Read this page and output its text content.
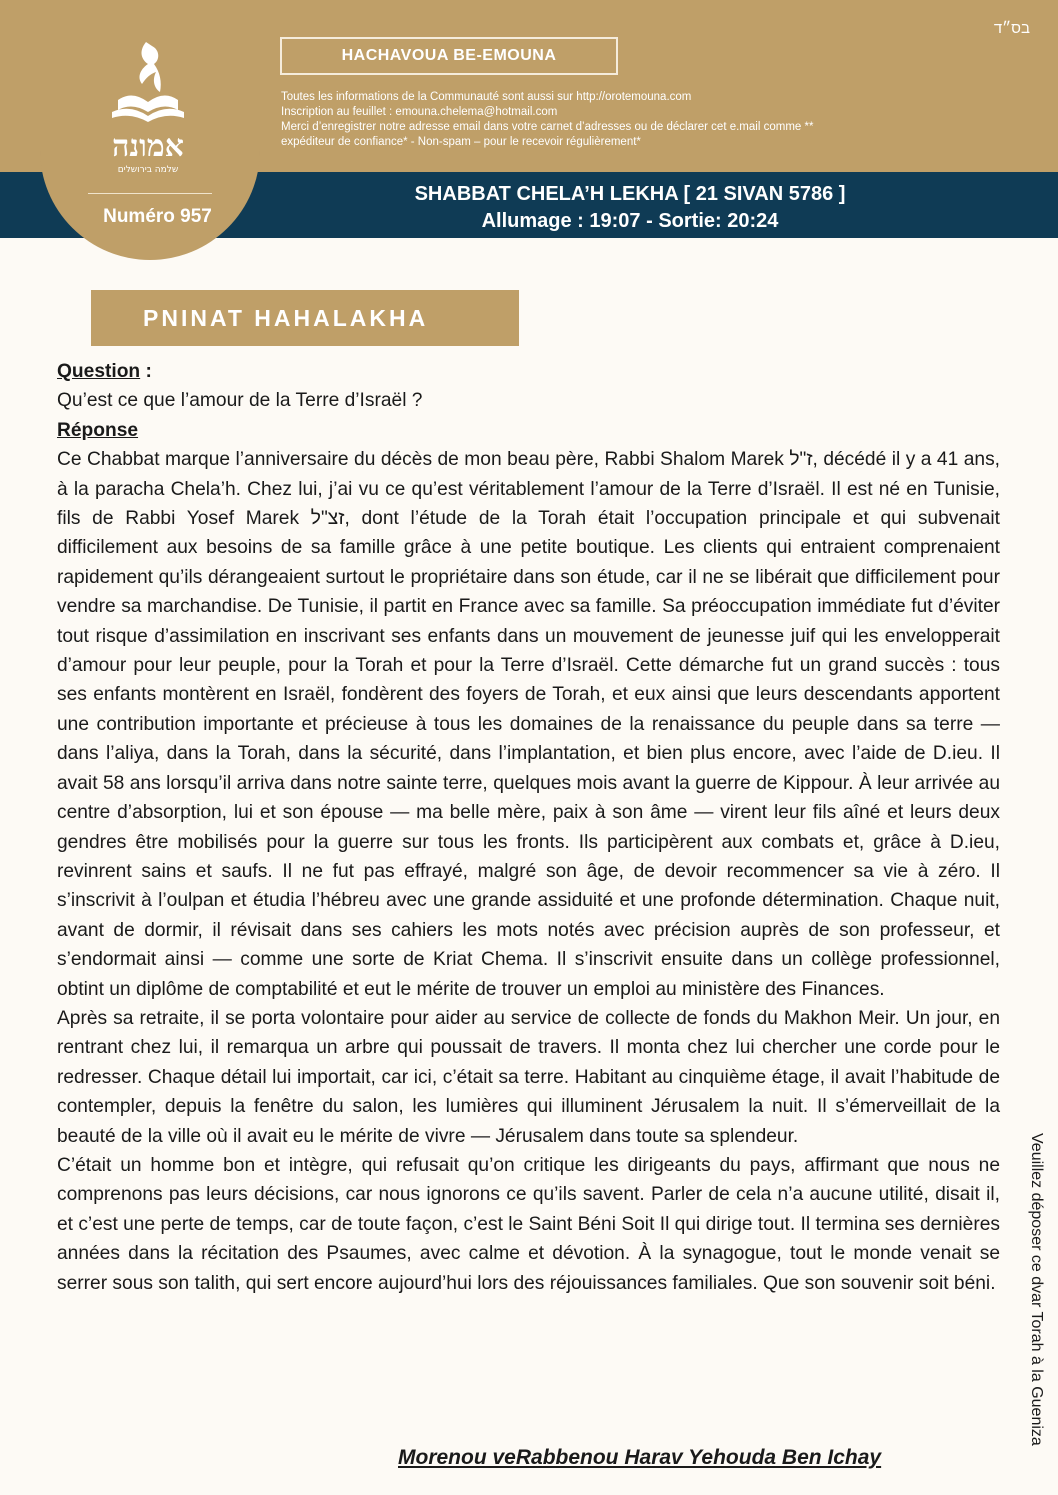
בס״ד
אמונה
שלמה בירושלים
Numéro 957
HACHAVOUA BE-EMOUNA
Toutes les informations de la Communauté sont aussi sur http://orotemouna.com
Inscription au feuillet : emouna.chelema@hotmail.com
Merci d’enregistrer notre adresse email dans votre carnet d’adresses ou de déclarer cet e.mail comme **
expéditeur de confiance* - Non-spam – pour le recevoir régulièrement*
SHABBAT CHELA’H LEKHA [ 21 SIVAN 5786 ]
Allumage : 19:07 - Sortie: 20:24
PNINAT HAHALAKHA
Question :
Qu’est ce que l’amour de la Terre d’Israël ?
Réponse

Ce Chabbat marque l’anniversaire du décès de mon beau père, Rabbi Shalom Marek ז"ל, décédé il y a 41 ans, à la paracha Chela’h. Chez lui, j’ai vu ce qu’est véritablement l’amour de la Terre d’Israël. Il est né en Tunisie, fils de Rabbi Yosef Marek זצ"ל, dont l’étude de la Torah était l’occupation principale et qui subvenait difficilement aux besoins de sa famille grâce à une petite boutique. Les clients qui entraient comprenaient rapidement qu’ils dérangeaient surtout le propriétaire dans son étude, car il ne se libérait que difficilement pour vendre sa marchandise. De Tunisie, il partit en France avec sa famille. Sa préoccupation immédiate fut d’éviter tout risque d’assimilation en inscrivant ses enfants dans un mouvement de jeunesse juif qui les envelopperait d’amour pour leur peuple, pour la Torah et pour la Terre d’Israël. Cette démarche fut un grand succès : tous ses enfants montèrent en Israël, fondèrent des foyers de Torah, et eux ainsi que leurs descendants apportent une contribution importante et précieuse à tous les domaines de la renaissance du peuple dans sa terre — dans l’aliya, dans la Torah, dans la sécurité, dans l’implantation, et bien plus encore, avec l’aide de D.ieu. Il avait 58 ans lorsqu’il arriva dans notre sainte terre, quelques mois avant la guerre de Kippour. À leur arrivée au centre d’absorption, lui et son épouse — ma belle mère, paix à son âme — virent leur fils aîné et leurs deux gendres être mobilisés pour la guerre sur tous les fronts. Ils participèrent aux combats et, grâce à D.ieu, revinrent sains et saufs. Il ne fut pas effrayé, malgré son âge, de devoir recommencer sa vie à zéro. Il s’inscrivit à l’oulpan et étudia l’hébreu avec une grande assiduité et une profonde détermination. Chaque nuit, avant de dormir, il révisait dans ses cahiers les mots notés avec précision auprès de son professeur, et s’endormait ainsi — comme une sorte de Kriat Chema. Il s’inscrivit ensuite dans un collège professionnel, obtint un diplôme de comptabilité et eut le mérite de trouver un emploi au ministère des Finances.

Après sa retraite, il se porta volontaire pour aider au service de collecte de fonds du Makhon Meir. Un jour, en rentrant chez lui, il remarqua un arbre qui poussait de travers. Il monta chez lui chercher une corde pour le redresser. Chaque détail lui importait, car ici, c’était sa terre. Habitant au cinquième étage, il avait l’habitude de contempler, depuis la fenêtre du salon, les lumières qui illuminent Jérusalem la nuit. Il s’émerveillait de la beauté de la ville où il avait eu le mérite de vivre — Jérusalem dans toute sa splendeur.

C’était un homme bon et intègre, qui refusait qu’on critique les dirigeants du pays, affirmant que nous ne comprenons pas leurs décisions, car nous ignorons ce qu’ils savent. Parler de cela n’a aucune utilité, disait il, et c’est une perte de temps, car de toute façon, c’est le Saint Béni Soit Il qui dirige tout. Il termina ses dernières années dans la récitation des Psaumes, avec calme et dévotion. À la synagogue, tout le monde venait se serrer sous son talith, qui sert encore aujourd’hui lors des réjouissances familiales. Que son souvenir soit béni.

Morenou veRabbenou Harav Yehouda Ben Ichay
Veuillez déposer ce dvar Torah à la Guenizа
